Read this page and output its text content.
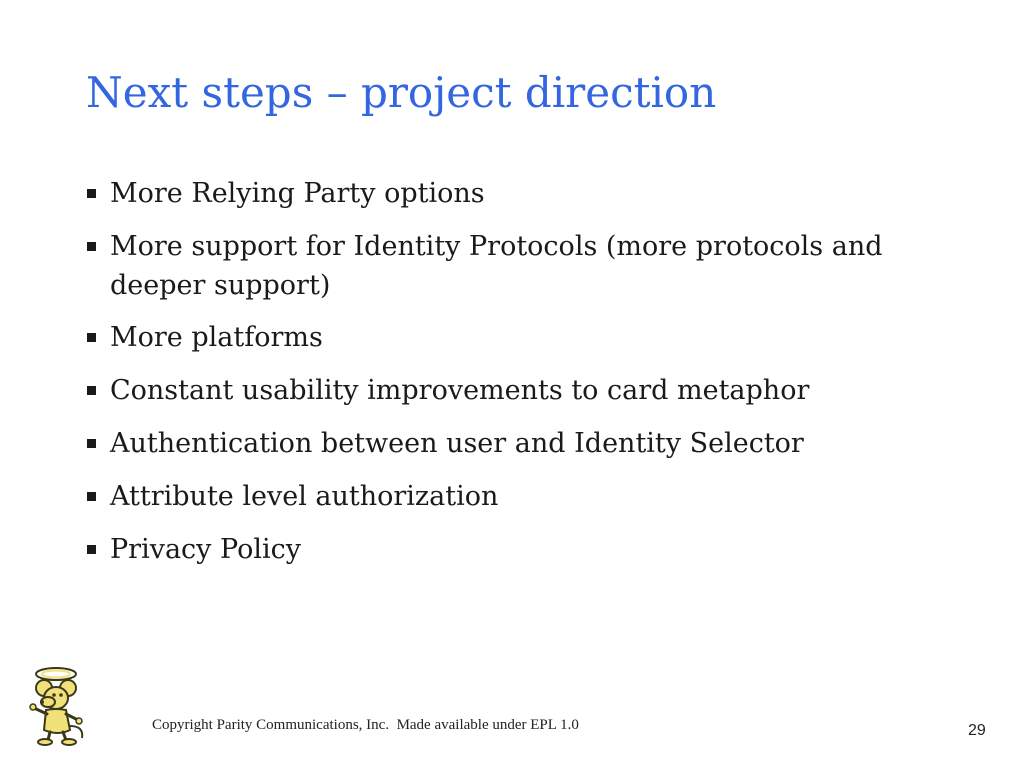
Next steps – project direction
More Relying Party options
More support for Identity Protocols (more protocols and deeper support)
More platforms
Constant usability improvements to card metaphor
Authentication between user and Identity Selector
Attribute level authorization
Privacy Policy
Copyright Parity Communications, Inc.  Made available under EPL 1.0	29
